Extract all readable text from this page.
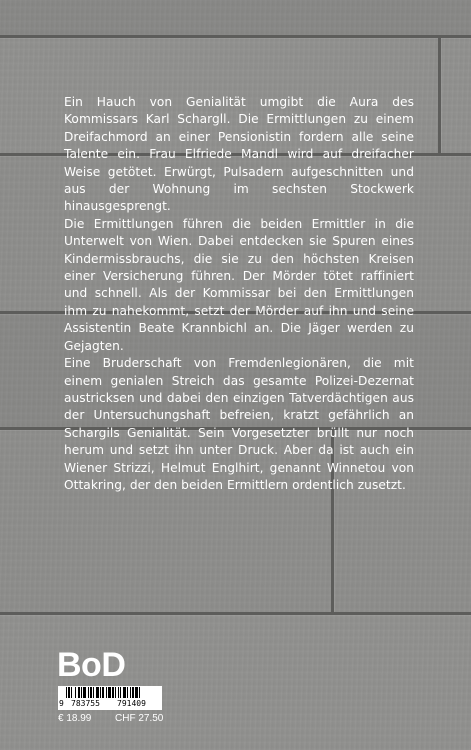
Ein Hauch von Genialität umgibt die Aura des Kommissars Karl Schargll. Die Ermittlungen zu einem Dreifachmord an einer Pensionistin fordern alle seine Talente ein. Frau Elfriede Mandl wird auf dreifacher Weise getötet. Erwürgt, Pulsadern aufgeschnitten und aus der Wohnung im sechsten Stockwerk hinausgesprengt.

Die Ermittlungen führen die beiden Ermittler in die Unterwelt von Wien. Dabei entdecken sie Spuren eines Kindermissbrauchs, die sie zu den höchsten Kreisen einer Versicherung führen. Der Mörder tötet raffiniert und schnell. Als der Kommissar bei den Ermittlungen ihm zu nahekommt, setzt der Mörder auf ihn und seine Assistentin Beate Krannbichl an. Die Jäger werden zu Gejagten.

Eine Bruderschaft von Fremdenlegionären, die mit einem genialen Streich das gesamte Polizei-Dezernat austricksen und dabei den einzigen Tatverdächtigen aus der Untersuchungshaft befreien, kratzt gefährlich an Schargils Genialität. Sein Vorgesetzter brüllt nur noch herum und setzt ihn unter Druck. Aber da ist auch ein Wiener Strizzi, Helmut Englhirt, genannt Winnetou von Ottakring, der den beiden Ermittlern ordentlich zusetzt.

BoD

9

783755

791409

€ 18.99 CHF 27.50
